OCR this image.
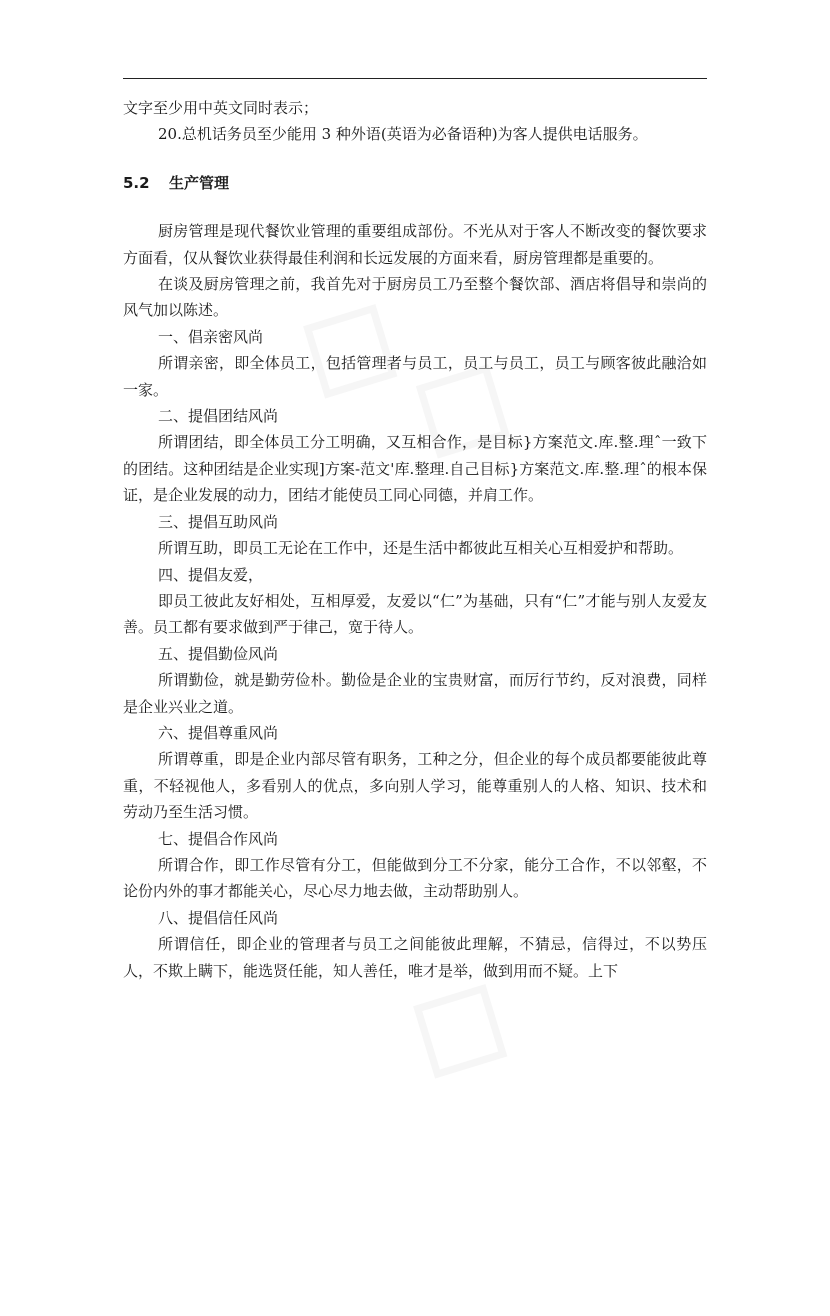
文字至少用中英文同时表示；

20.总机话务员至少能用 3 种外语(英语为必备语种)为客人提供电话服务。

5.2 生产管理

厨房管理是现代餐饮业管理的重要组成部份。不光从对于客人不断改变的餐饮要求方面看，仅从餐饮业获得最佳利润和长远发展的方面来看，厨房管理都是重要的。

在谈及厨房管理之前，我首先对于厨房员工乃至整个餐饮部、酒店将倡导和崇尚的风气加以陈述。

一、倡亲密风尚

所谓亲密，即全体员工，包括管理者与员工，员工与员工，员工与顾客彼此融洽如一家。

二、提倡团结风尚

所谓团结，即全体员工分工明确，又互相合作，是目标}方案范文.库.整.理ˆ一致下的团结。这种团结是企业实现]方案-范文'库.整理.自己目标}方案范文.库.整.理ˆ的根本保证，是企业发展的动力，团结才能使员工同心同德，并肩工作。

三、提倡互助风尚

所谓互助，即员工无论在工作中，还是生活中都彼此互相关心互相爱护和帮助。

四、提倡友爱，

即员工彼此友好相处，互相厚爱，友爱以“仁”为基础，只有“仁”才能与别人友爱友善。员工都有要求做到严于律己，宽于待人。

五、提倡勤俭风尚

所谓勤俭，就是勤劳俭朴。勤俭是企业的宝贵财富，而厉行节约，反对浪费，同样是企业兴业之道。

六、提倡尊重风尚

所谓尊重，即是企业内部尽管有职务，工种之分，但企业的每个成员都要能彼此尊重，不轻视他人，多看别人的优点，多向别人学习，能尊重别人的人格、知识、技术和劳动乃至生活习惯。

七、提倡合作风尚

所谓合作，即工作尽管有分工，但能做到分工不分家，能分工合作，不以邻壑，不论份内外的事才都能关心，尽心尽力地去做，主动帮助别人。

八、提倡信任风尚

所谓信任，即企业的管理者与员工之间能彼此理解，不猜忌，信得过，不以势压人，不欺上瞒下，能选贤任能，知人善任，唯才是举，做到用而不疑。上下
